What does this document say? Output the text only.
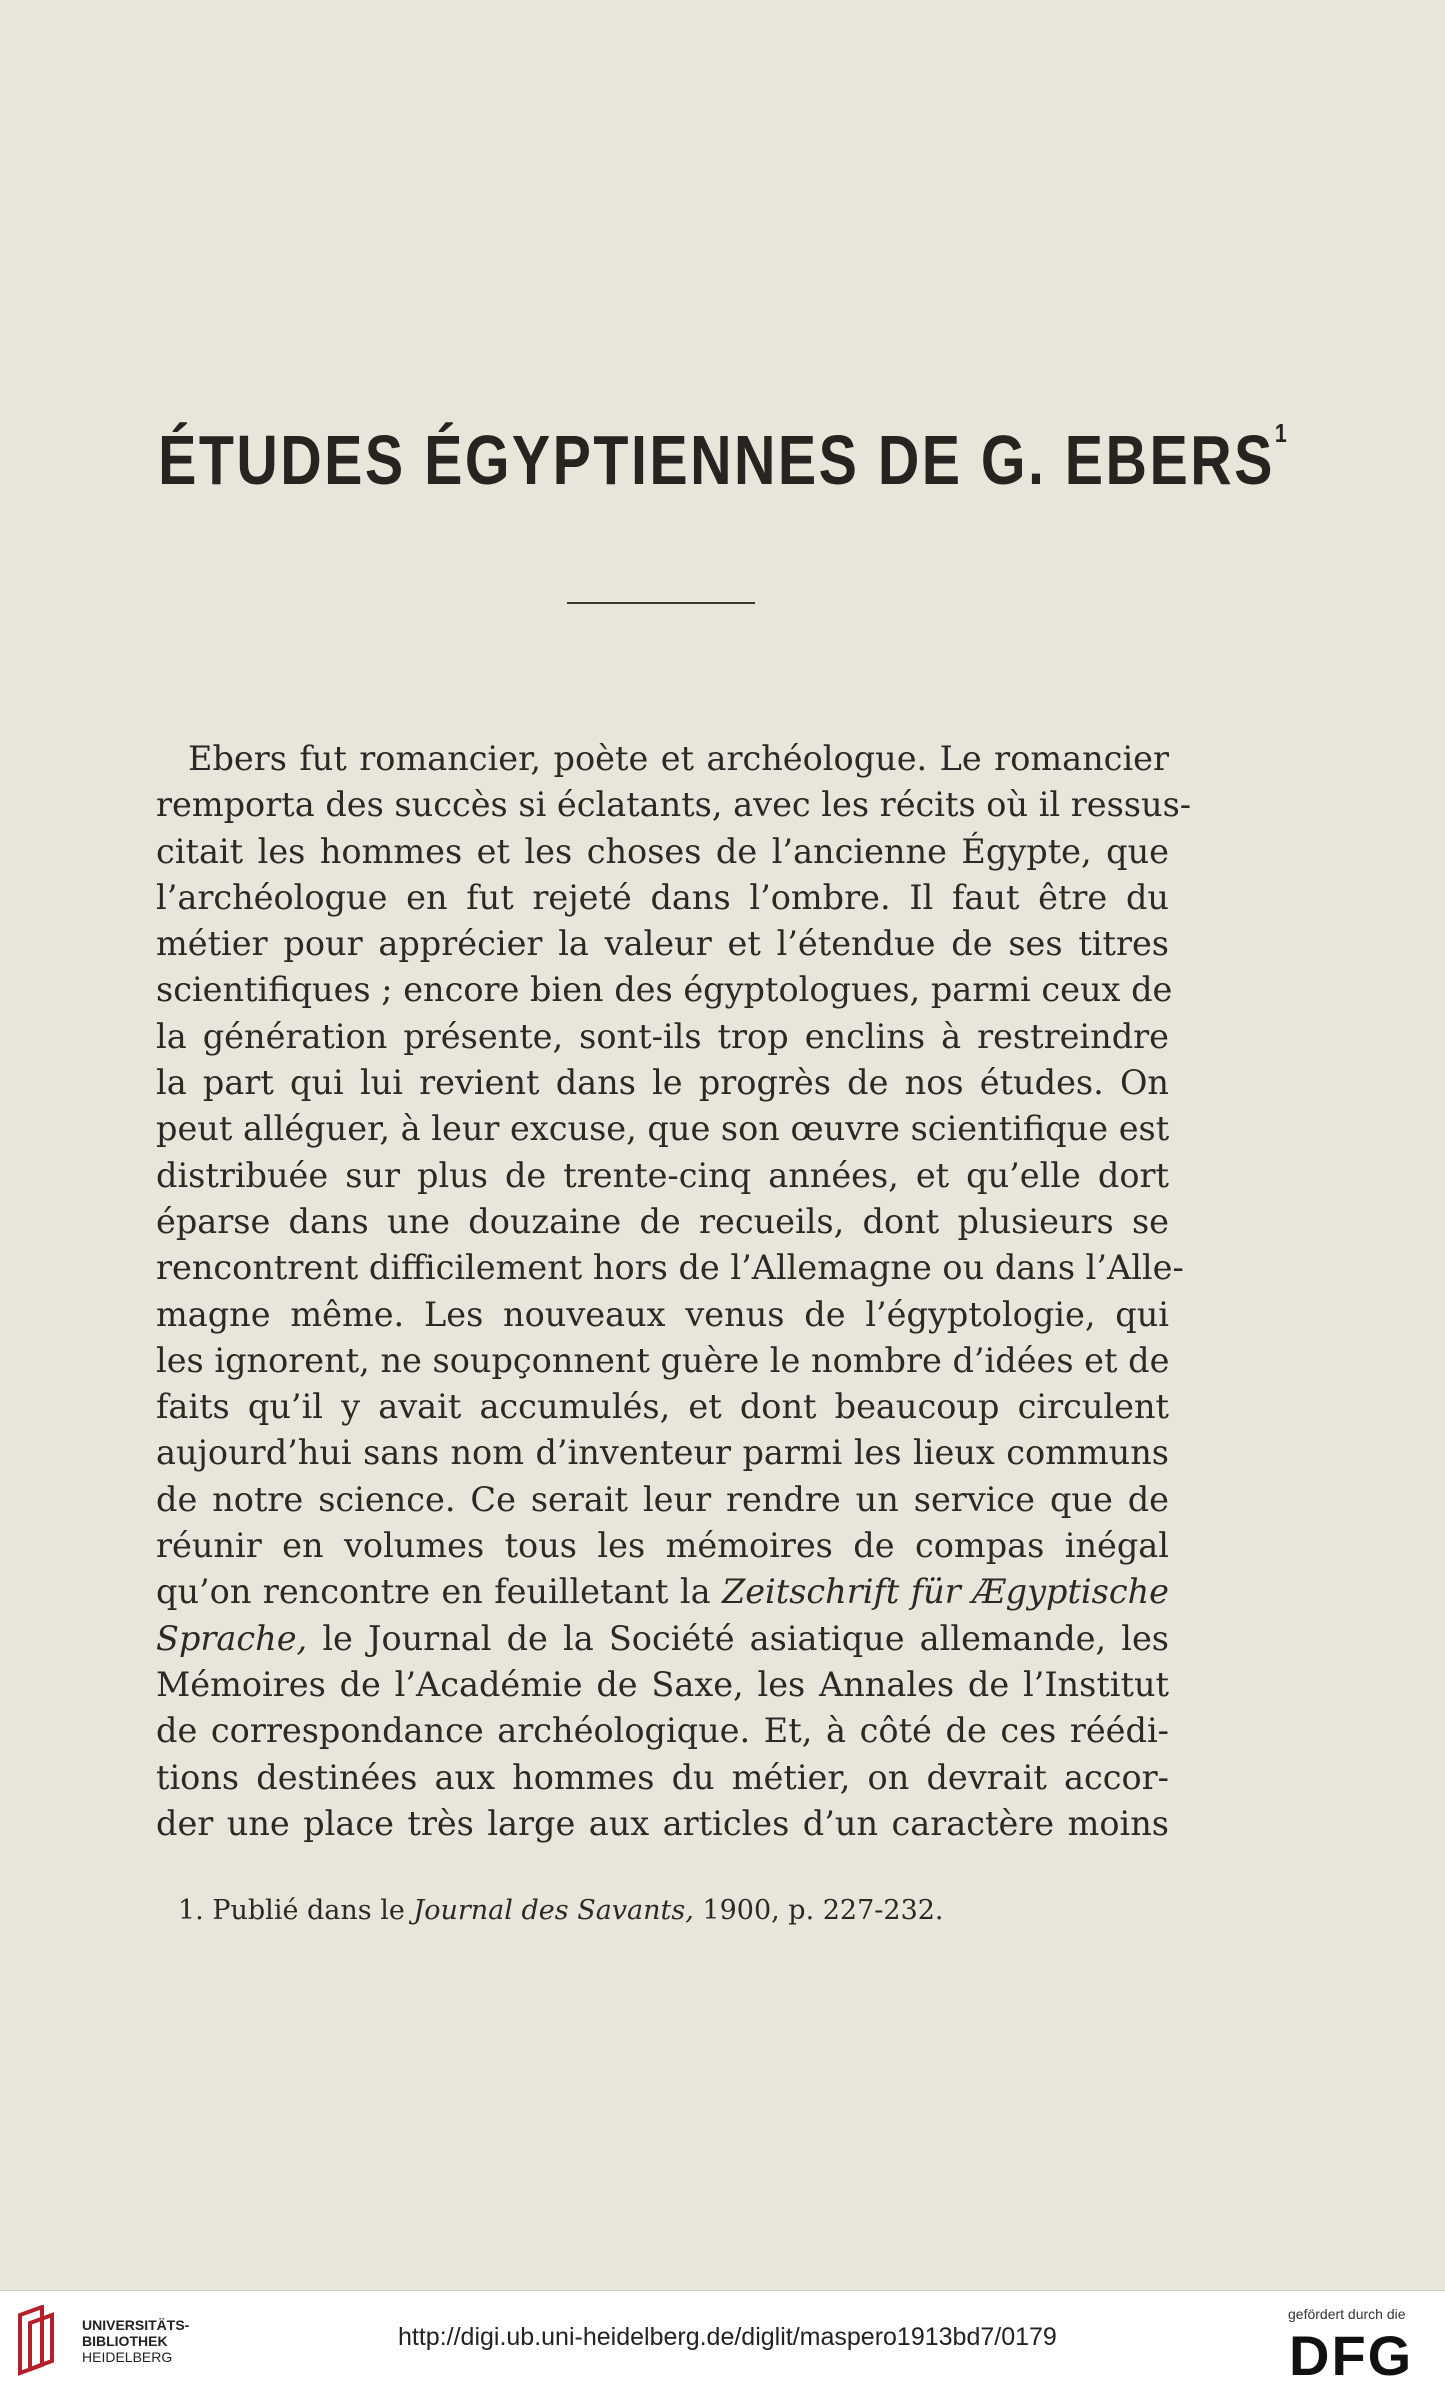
ÉTUDES ÉGYPTIENNES DE G. EBERS$^1$
Ebers fut romancier, poète et archéologue. Le romancier
remporta des succès si éclatants, avec les récits où il ressus-
citait les hommes et les choses de l’ancienne Égypte, que
l’archéologue en fut rejeté dans l’ombre. Il faut être du
métier pour apprécier la valeur et l’étendue de ses titres
scientifiques ; encore bien des égyptologues, parmi ceux de
la génération présente, sont-ils trop enclins à restreindre
la part qui lui revient dans le progrès de nos études. On
peut alléguer, à leur excuse, que son œuvre scientifique est
distribuée sur plus de trente-cinq années, et qu’elle dort
éparse dans une douzaine de recueils, dont plusieurs se
rencontrent difficilement hors de l’Allemagne ou dans l’Alle-
magne même. Les nouveaux venus de l’égyptologie, qui
les ignorent, ne soupçonnent guère le nombre d’idées et de
faits qu’il y avait accumulés, et dont beaucoup circulent
aujourd’hui sans nom d’inventeur parmi les lieux communs
de notre science. Ce serait leur rendre un service que de
réunir en volumes tous les mémoires de compas inégal
qu’on rencontre en feuilletant la Zeitschrift für Ægyptische
Sprache, le Journal de la Société asiatique allemande, les
Mémoires de l’Académie de Saxe, les Annales de l’Institut
de correspondance archéologique. Et, à côté de ces réédi-
tions destinées aux hommes du métier, on devrait accor-
der une place très large aux articles d’un caractère moins
1. Publié dans le Journal des Savants, 1900, p. 227-232.
UNIVERSITÄTS-
BIBLIOTHEK
HEIDELBERG
http://digi.ub.uni-heidelberg.de/diglit/maspero1913bd7/0179
gefördert durch die
DFG
